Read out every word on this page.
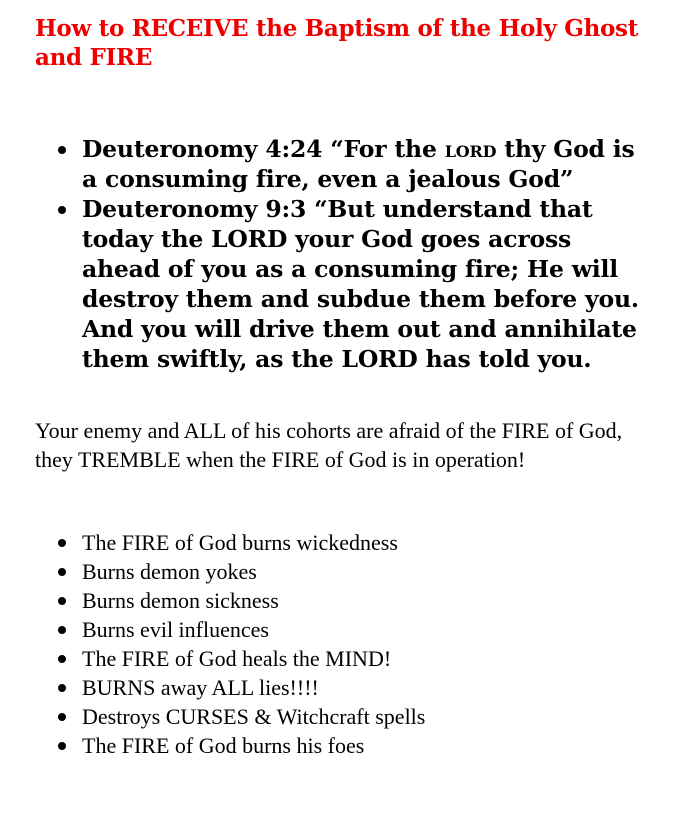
How to RECEIVE the Baptism of the Holy Ghost and FIRE
Deuteronomy 4:24 “For the lord thy God is a consuming fire, even a jealous God”
Deuteronomy 9:3 “But understand that today the LORD your God goes across ahead of you as a consuming fire; He will destroy them and subdue them before you. And you will drive them out and annihilate them swiftly, as the LORD has told you.

Your enemy and ALL of his cohorts are afraid of the FIRE of God, they TREMBLE when the FIRE of God is in operation!

The FIRE of God burns wickedness
Burns demon yokes
Burns demon sickness
Burns evil influences
The FIRE of God heals the MIND!
BURNS away ALL lies!!!!
Destroys CURSES & Witchcraft spells
The FIRE of God burns his foes
